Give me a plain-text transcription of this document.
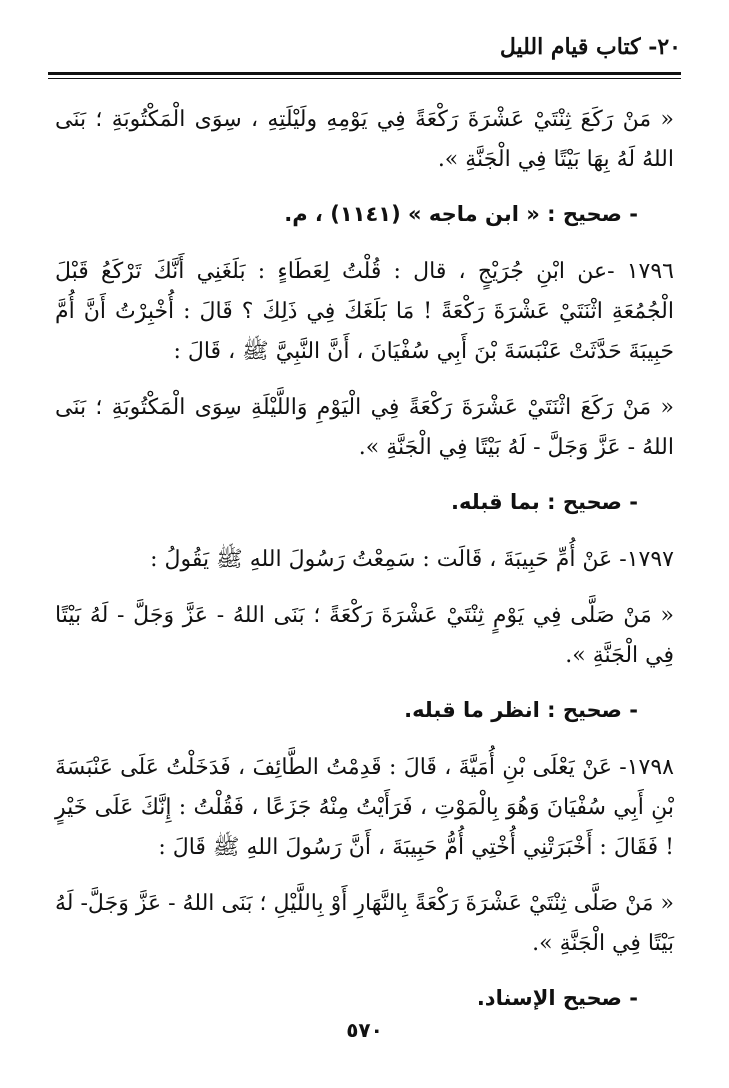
٢٠- كتاب قيام الليل

« مَنْ رَكَعَ ثِنْتَيْ عَشْرَةَ رَكْعَةً فِي يَوْمِهِ ولَيْلَتِهِ ، سِوَى الْمَكْتُوبَةِ ؛ بَنَى اللهُ لَهُ بِهَا بَيْتًا فِي الْجَنَّةِ ».

- صحيح : « ابن ماجه » (١١٤١) ، م.

١٧٩٦ -عن ابْنِ جُرَيْجٍ ، قال : قُلْتُ لِعَطَاءٍ : بَلَغَنِي أَنَّكَ تَرْكَعُ قَبْلَ الْجُمُعَةِ اثْنَتَيْ عَشْرَةَ رَكْعَةً ! مَا بَلَغَكَ فِي ذَلِكَ ؟ قَالَ : أُخْبِرْتُ أَنَّ أُمَّ حَبِيبَةَ حَدَّثَتْ عَنْبَسَةَ بْنَ أَبِي سُفْيَانَ ، أَنَّ النَّبِيَّ ﷺ ، قَالَ :

« مَنْ رَكَعَ اثْنَتَيْ عَشْرَةَ رَكْعَةً فِي الْيَوْمِ وَاللَّيْلَةِ سِوَى الْمَكْتُوبَةِ ؛ بَنَى اللهُ - عَزَّ وَجَلَّ - لَهُ بَيْتًا فِي الْجَنَّةِ ».

- صحيح : بما قبله.

١٧٩٧- عَنْ أُمِّ حَبِيبَةَ ، قَالَت : سَمِعْتُ رَسُولَ اللهِ ﷺ يَقُولُ :

« مَنْ صَلَّى فِي يَوْمٍ ثِنْتَيْ عَشْرَةَ رَكْعَةً ؛ بَنَى اللهُ - عَزَّ وَجَلَّ - لَهُ بَيْتًا فِي الْجَنَّةِ ».

- صحيح : انظر ما قبله.

١٧٩٨- عَنْ يَعْلَى بْنِ أُمَيَّةَ ، قَالَ : قَدِمْتُ الطَّائِفَ ، فَدَخَلْتُ عَلَى عَنْبَسَةَ بْنِ أَبِي سُفْيَانَ وَهُوَ بِالْمَوْتِ ، فَرَأَيْتُ مِنْهُ جَزَعًا ، فَقُلْتُ : إِنَّكَ عَلَى خَيْرٍ ! فَقَالَ : أَخْبَرَتْنِي أُخْتِي أُمُّ حَبِيبَةَ ، أَنَّ رَسُولَ اللهِ ﷺ قَالَ :

« مَنْ صَلَّى ثِنْتَيْ عَشْرَةَ رَكْعَةً بِالنَّهَارِ أَوْ بِاللَّيْلِ ؛ بَنَى اللهُ - عَزَّ وَجَلَّ- لَهُ بَيْتًا فِي الْجَنَّةِ ».

- صحيح الإسناد.

٥٧٠
